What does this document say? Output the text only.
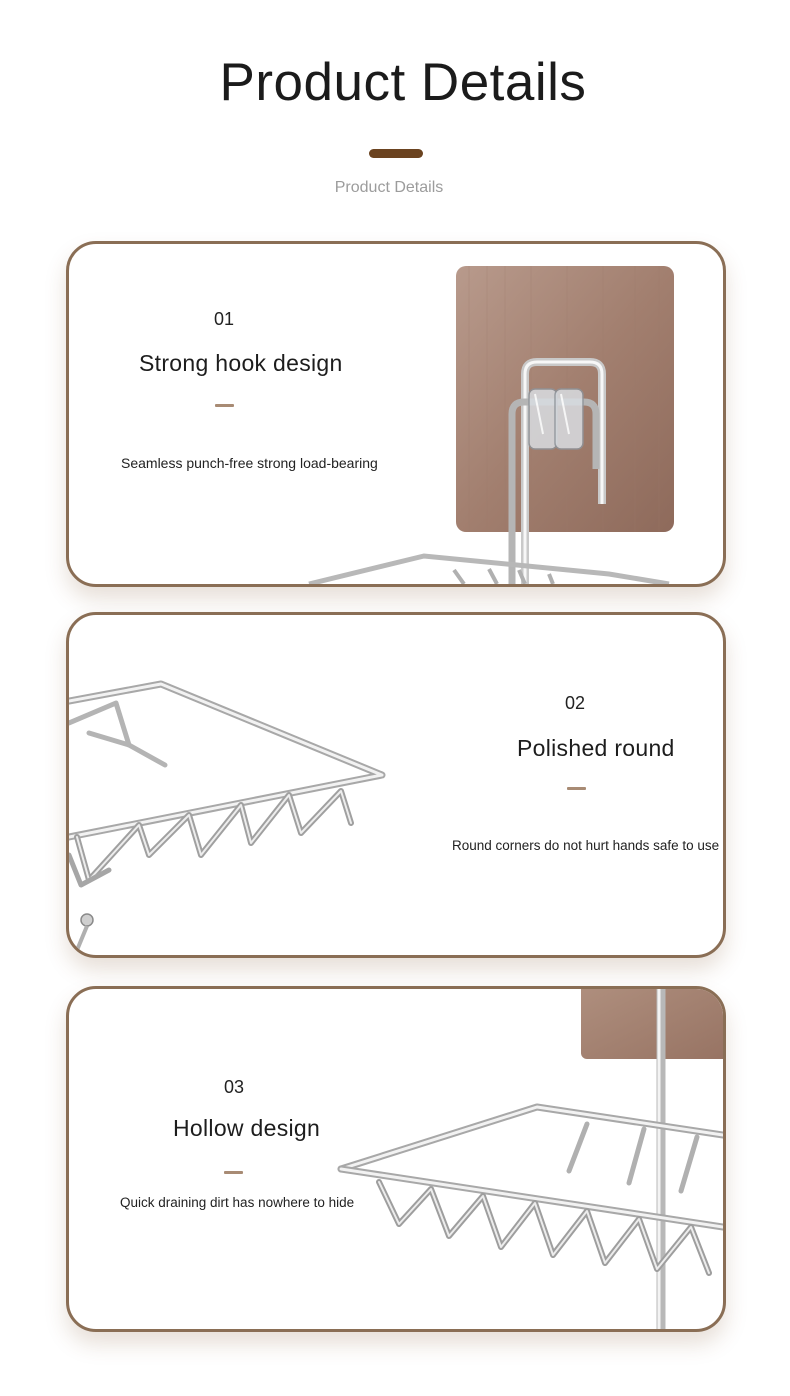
Product Details
Product Details
01
Strong hook design
Seamless punch-free strong load-bearing
02
Polished round
Round corners do not hurt hands safe to use
03
Hollow design
Quick draining dirt has nowhere to hide
